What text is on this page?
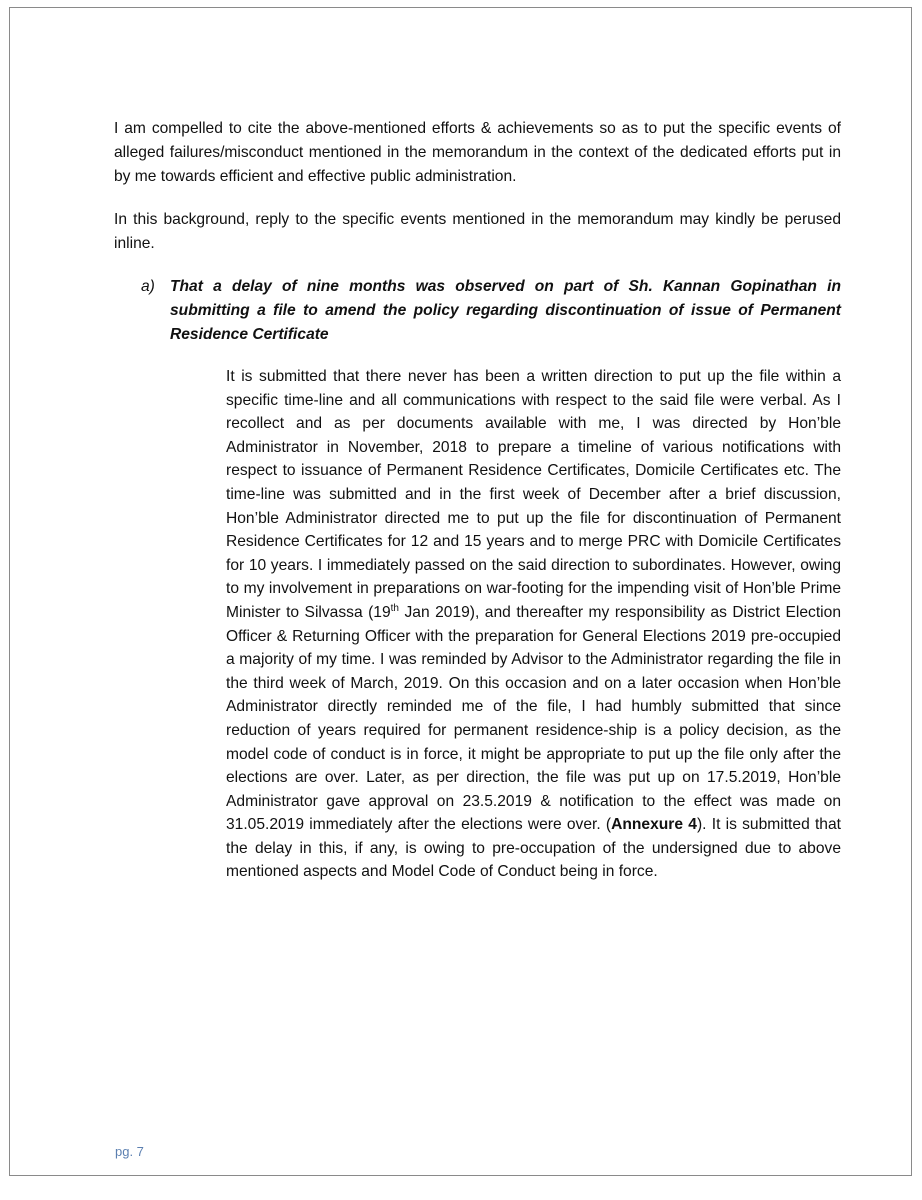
I am compelled to cite the above-mentioned efforts & achievements so as to put the specific events of alleged failures/misconduct mentioned in the memorandum in the context of the dedicated efforts put in by me towards efficient and effective public administration.

In this background, reply to the specific events mentioned in the memorandum may kindly be perused inline.

a) That a delay of nine months was observed on part of Sh. Kannan Gopinathan in submitting a file to amend the policy regarding discontinuation of issue of Permanent Residence Certificate

It is submitted that there never has been a written direction to put up the file within a specific time-line and all communications with respect to the said file were verbal. As I recollect and as per documents available with me, I was directed by Hon’ble Administrator in November, 2018 to prepare a timeline of various notifications with respect to issuance of Permanent Residence Certificates, Domicile Certificates etc. The time-line was submitted and in the first week of December after a brief discussion, Hon’ble Administrator directed me to put up the file for discontinuation of Permanent Residence Certificates for 12 and 15 years and to merge PRC with Domicile Certificates for 10 years. I immediately passed on the said direction to subordinates. However, owing to my involvement in preparations on war-footing for the impending visit of Hon’ble Prime Minister to Silvassa (19th Jan 2019), and thereafter my responsibility as District Election Officer & Returning Officer with the preparation for General Elections 2019 pre-occupied a majority of my time. I was reminded by Advisor to the Administrator regarding the file in the third week of March, 2019. On this occasion and on a later occasion when Hon’ble Administrator directly reminded me of the file, I had humbly submitted that since reduction of years required for permanent residence-ship is a policy decision, as the model code of conduct is in force, it might be appropriate to put up the file only after the elections are over. Later, as per direction, the file was put up on 17.5.2019, Hon’ble Administrator gave approval on 23.5.2019 & notification to the effect was made on 31.05.2019 immediately after the elections were over. (Annexure 4). It is submitted that the delay in this, if any, is owing to pre-occupation of the undersigned due to above mentioned aspects and Model Code of Conduct being in force.

pg. 7
